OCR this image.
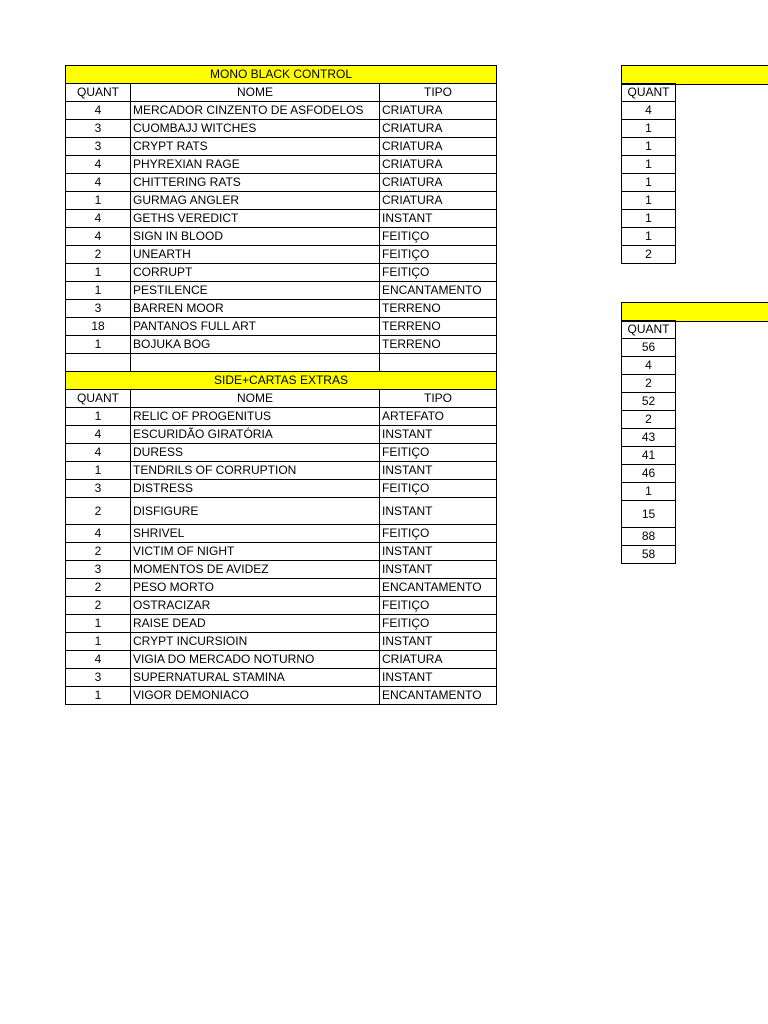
MONO BLACK CONTROL		
QUANT	NOME	TIPO
4	MERCADOR CINZENTO DE ASFODELOS	CRIATURA
3	CUOMBAJJ WITCHES	CRIATURA
3	CRYPT RATS	CRIATURA
4	PHYREXIAN RAGE	CRIATURA
4	CHITTERING RATS	CRIATURA
1	GURMAG ANGLER	CRIATURA
4	GETHS VEREDICT	INSTANT
4	SIGN IN BLOOD	FEITIÇO
2	UNEARTH	FEITIÇO
1	CORRUPT	FEITIÇO
1	PESTILENCE	ENCANTAMENTO
3	BARREN MOOR	TERRENO
18	PANTANOS FULL ART	TERRENO
1	BOJUKA BOG	TERRENO

SIDE+CARTAS EXTRAS		
QUANT	NOME	TIPO
1	RELIC OF PROGENITUS	ARTEFATO
4	ESCURIDÃO GIRATÓRIA	INSTANT
4	DURESS	FEITIÇO
1	TENDRILS OF CORRUPTION	INSTANT
3	DISTRESS	FEITIÇO
2	DISFIGURE	INSTANT
4	SHRIVEL	FEITIÇO
2	VICTIM OF NIGHT	INSTANT
3	MOMENTOS DE AVIDEZ	INSTANT
2	PESO MORTO	ENCANTAMENTO
2	OSTRACIZAR	FEITIÇO
1	RAISE DEAD	FEITIÇO
1	CRYPT INCURSIOIN	INSTANT
4	VIGIA DO MERCADO NOTURNO	CRIATURA
3	SUPERNATURAL STAMINA	INSTANT
1	VIGOR DEMONIACO	ENCANTAMENTO
QUANT
4
1
1
1
1
1
1
1
2
QUANT
56
4
2
52
2
43
41
46
1
15
88
58
